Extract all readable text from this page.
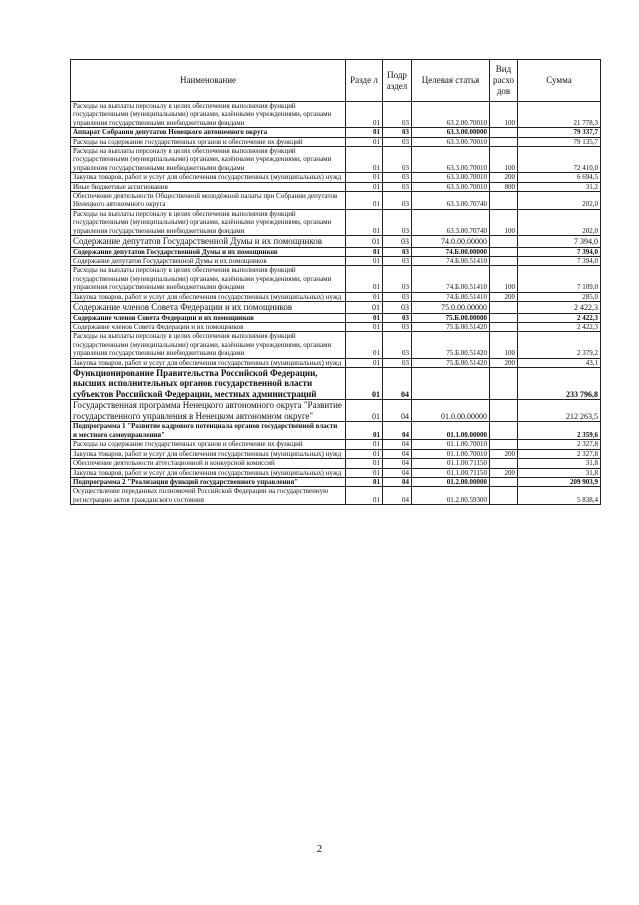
Наименование	Разде л	Подр аздел	Целевая статья	Вид расхо дов	Сумма
Расходы на выплаты персоналу в целях обеспечения выполнения функций государственными (муниципальными) органами, казёнными учреждениями, органами управления государственными внебюджетными фондами	01	03	63.2.00.70010	100	21 778,3
Аппарат Собрания депутатов Ненецкого автономного округа	01	03	63.3.00.00000		79 337,7
Расходы на содержание государственных органов и обеспечение их функций	01	03	63.3.00.70010		79 135,7
Расходы на выплаты персоналу в целях обеспечения выполнения функций государственными (муниципальными) органами, казёнными учреждениями, органами управления государственными внебюджетными фондами	01	03	63.3.00.70010	100	72 410,0
Закупка товаров, работ и услуг для обеспечения государственных (муниципальных) нужд	01	03	63.3.00.70010	200	6 694,5
Иные бюджетные ассигнования	01	03	63.3.00.70010	800	31,2
Обеспечение деятельности Общественной молодёжной палаты при Собрании депутатов Ненецкого автономного округа	01	03	63.3.00.70740		202,0
Расходы на выплаты персоналу в целях обеспечения выполнения функций государственными (муниципальными) органами, казёнными учреждениями, органами управления государственными внебюджетными фондами	01	03	63.3.00.70740	100	202,0
Содержание депутатов Государственной Думы и их помощников	01	03	74.0.00.00000		7 394,0
Содержание депутатов Государственной Думы и их помощников	01	03	74.Б.00.00000		7 394,0
Содержание депутатов Государственной Думы и их помощников	01	03	74.Б.00.51410		7 394,0
Расходы на выплаты персоналу в целях обеспечения выполнения функций государственными (муниципальными) органами, казёнными учреждениями, органами управления государственными внебюджетными фондами	01	03	74.Б.00.51410	100	7 109,0
Закупка товаров, работ и услуг для обеспечения государственных (муниципальных) нужд	01	03	74.Б.00.51410	200	285,0
Содержание членов Совета Федерации и их помощников	01	03	75.0.00.00000		2 422,3
Содержание членов Совета Федерации и их помощников	01	03	75.Б.00.00000		2 422,3
Содержание членов Совета Федерации и их помощников	01	03	75.Б.00.51420		2 422,3
Расходы на выплаты персоналу в целях обеспечения выполнения функций государственными (муниципальными) органами, казёнными учреждениями, органами управления государственными внебюджетными фондами	01	03	75.Б.00.51420	100	2 379,2
Закупка товаров, работ и услуг для обеспечения государственных (муниципальных) нужд	01	03	75.Б.00.51420	200	43,1
Функционирование Правительства Российской Федерации, высших исполнительных органов государственной власти субъектов Российской Федерации, местных администраций	01	04			233 796,8
Государственная программа Ненецкого автономного округа "Развитие государственного управления в Ненецком автономном округе"	01	04	01.0.00.00000		212 263,5
Подпрограмма 1 "Развитие кадрового потенциала органов государственной власти и местного самоуправления"	01	04	01.1.00.00000		2 359,6
Расходы на содержание государственных органов и обеспечение их функций	01	04	01.1.00.70010		2 327,8
Закупка товаров, работ и услуг для обеспечения государственных (муниципальных) нужд	01	04	01.1.00.70010	200	2 327,8
Обеспечение деятельности аттестационной и конкурсной комиссий	01	04	01.1.00.71150		31,8
Закупка товаров, работ и услуг для обеспечения государственных (муниципальных) нужд	01	04	01.1.00.71150	200	31,8
Подпрограмма 2 "Реализация функций государственного управления"	01	04	01.2.00.00000		209 903,9
Осуществление переданных полномочий Российской Федерации на государственную регистрацию актов гражданского состояния	01	04	01.2.00.59300		5 838,4
2
